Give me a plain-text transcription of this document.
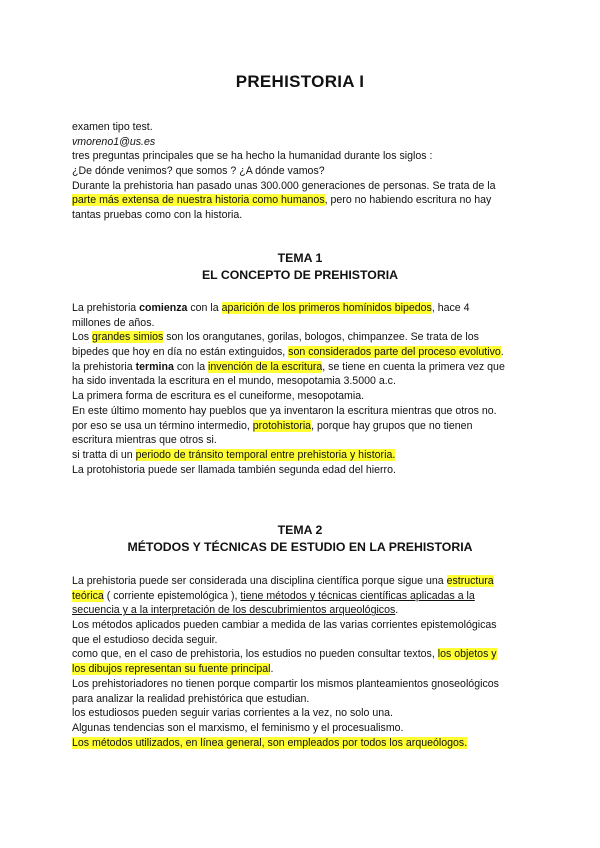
PREHISTORIA I
examen tipo test.
vmoreno1@us.es
tres preguntas principales que se ha hecho la humanidad durante los siglos :
¿De dónde venimos? que somos ? ¿A dónde vamos?
Durante la prehistoria han pasado unas 300.000 generaciones de personas. Se trata de la
parte más extensa de nuestra historia como humanos, pero no habiendo escritura no hay
tantas pruebas como con la historia.
TEMA 1
EL CONCEPTO DE PREHISTORIA
La prehistoria comienza con la aparición de los primeros homínidos bipedos, hace 4
millones de años.
Los grandes simios son los orangutanes, gorilas, bologos, chimpanzee. Se trata de los
bipedes que hoy en día no están extinguidos, son considerados parte del proceso evolutivo.
la prehistoria termina con la invención de la escritura, se tiene en cuenta la primera vez que
ha sido inventada la escritura en el mundo, mesopotamia 3.5000 a.c.
La primera forma de escritura es el cuneiforme, mesopotamia.
En este último momento hay pueblos que ya inventaron la escritura mientras que otros no.
por eso se usa un término intermedio, protohistoria, porque hay grupos que no tienen
escritura mientras que otros si.
si tratta di un periodo de tránsito temporal entre prehistoria y historia.
La protohistoria puede ser llamada también segunda edad del hierro.
TEMA 2
MÉTODOS Y TÉCNICAS DE ESTUDIO EN LA PREHISTORIA
La prehistoria puede ser considerada una disciplina científica porque sigue una estructura
teórica ( corriente epistemológica ), tiene métodos y técnicas científicas aplicadas a la
secuencia y a la interpretación de los descubrimientos arqueológicos.
Los métodos aplicados pueden cambiar a medida de las varias corrientes epistemológicas
que el estudioso decida seguir.
como que, en el caso de prehistoria, los estudios no pueden consultar textos, los objetos y
los dibujos representan su fuente principal.
Los prehistoriadores no tienen porque compartir los mismos planteamientos gnoseológicos
para analizar la realidad prehistórica que estudian.
los estudiosos pueden seguir varias corrientes a la vez, no solo una.
Algunas tendencias son el marxismo, el feminismo y el procesualismo.
Los métodos utilizados, en línea general, son empleados por todos los arqueólogos.
